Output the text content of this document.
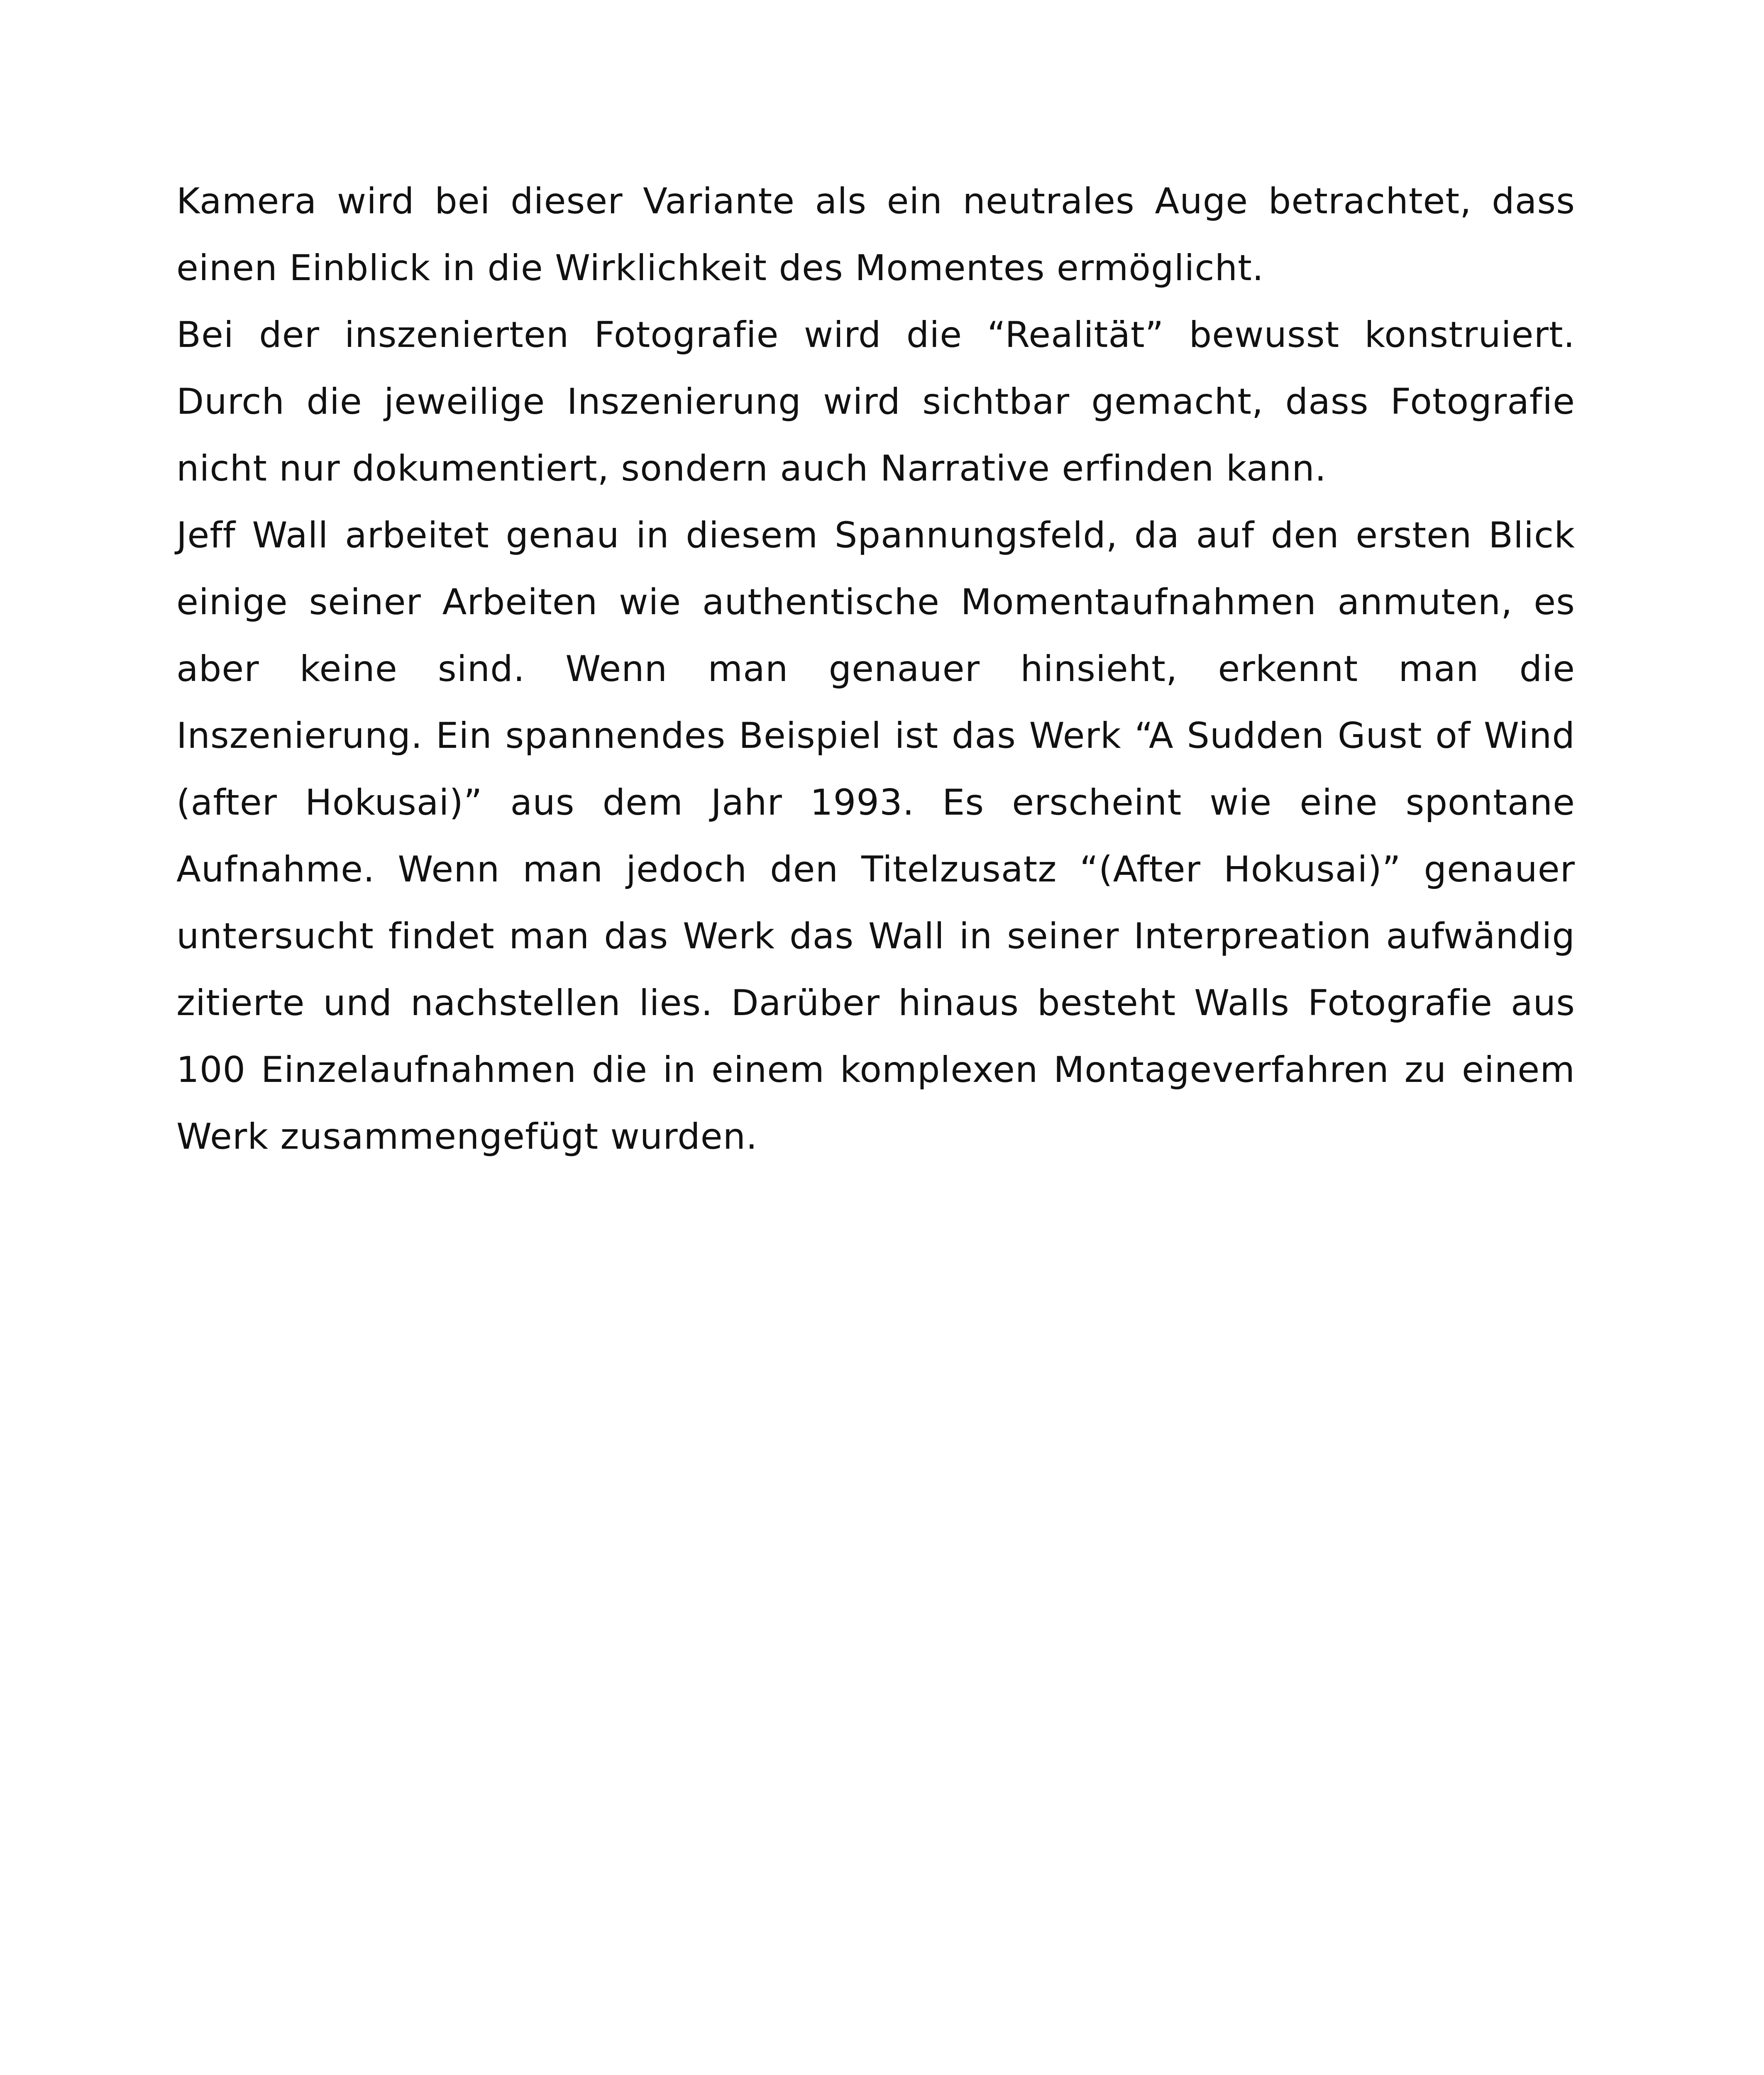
Kamera wird bei dieser Variante als ein neutrales Auge betrachtet, dass einen Einblick in die Wirklichkeit des Momentes ermöglicht.

Bei der inszenierten Fotografie wird die “Realität” bewusst konstruiert. Durch die jeweilige Inszenierung wird sichtbar gemacht, dass Fotografie nicht nur dokumentiert, sondern auch Narrative erfinden kann.

Jeff Wall arbeitet genau in diesem Spannungsfeld, da auf den ersten Blick einige seiner Arbeiten wie authentische Momentaufnahmen anmuten, es aber keine sind. Wenn man genauer hinsieht, erkennt man die Inszenierung. Ein spannendes Beispiel ist das Werk “A Sudden Gust of Wind (after Hokusai)” aus dem Jahr 1993. Es erscheint wie eine spontane Aufnahme. Wenn man jedoch den Titelzusatz “(After Hokusai)” genauer untersucht findet man das Werk das Wall in seiner Interpreation aufwändig zitierte und nachstellen lies. Darüber hinaus besteht Walls Fotografie aus 100 Einzelaufnahmen die in einem komplexen Montageverfahren zu einem Werk zusammengefügt wurden.
